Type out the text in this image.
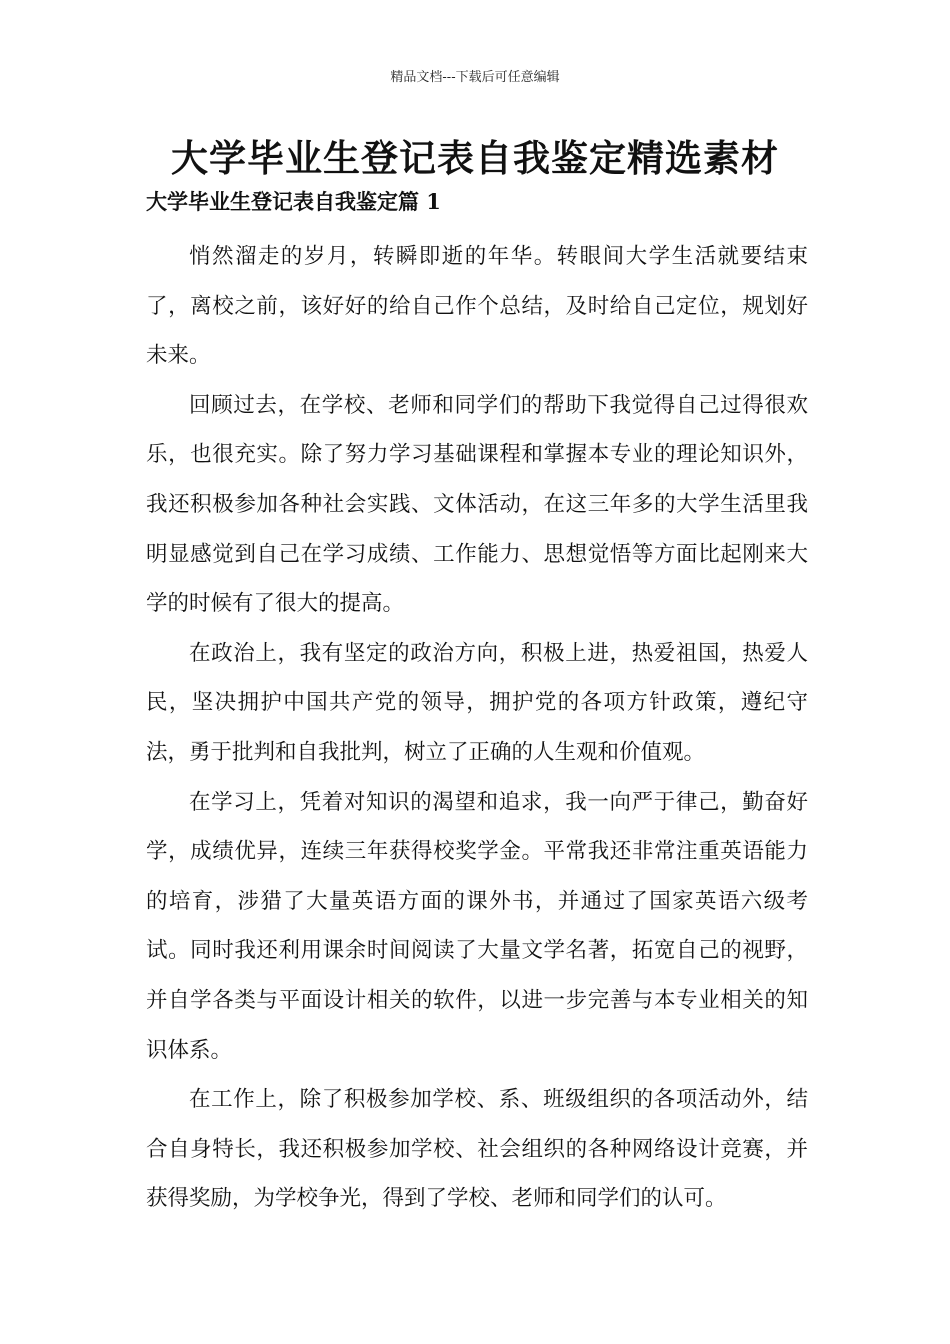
精品文档---下载后可任意编辑
大学毕业生登记表自我鉴定精选素材
大学毕业生登记表自我鉴定篇 1

悄然溜走的岁月，转瞬即逝的年华。转眼间大学生活就要结束了，离校之前，该好好的给自己作个总结，及时给自己定位，规划好未来。

回顾过去，在学校、老师和同学们的帮助下我觉得自己过得很欢乐，也很充实。除了努力学习基础课程和掌握本专业的理论知识外，我还积极参加各种社会实践、文体活动，在这三年多的大学生活里我明显感觉到自己在学习成绩、工作能力、思想觉悟等方面比起刚来大学的时候有了很大的提高。

在政治上，我有坚定的政治方向，积极上进，热爱祖国，热爱人民，坚决拥护中国共产党的领导，拥护党的各项方针政策，遵纪守法，勇于批判和自我批判，树立了正确的人生观和价值观。

在学习上，凭着对知识的渴望和追求，我一向严于律己，勤奋好学，成绩优异，连续三年获得校奖学金。平常我还非常注重英语能力的培育，涉猎了大量英语方面的课外书，并通过了国家英语六级考试。同时我还利用课余时间阅读了大量文学名著，拓宽自己的视野，并自学各类与平面设计相关的软件，以进一步完善与本专业相关的知识体系。

在工作上，除了积极参加学校、系、班级组织的各项活动外，结合自身特长，我还积极参加学校、社会组织的各种网络设计竞赛，并获得奖励，为学校争光，得到了学校、老师和同学们的认可。
